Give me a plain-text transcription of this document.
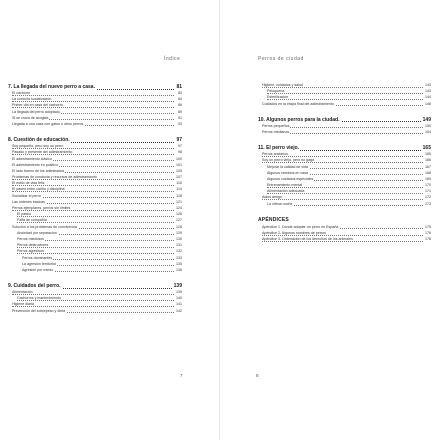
Índice
7. La llegada del nuevo perro a casa.	81
El cachorro	83
La correcta socialización	84
Primer día en casa del cachorro.	86
La llegada del perro adoptado	89
Si se cruza de acogida	91
Llegada a una casa con gatos u otros perros.	93
8. Cuestión de educación.	97
Soy pequeño, pero soy un perro	97
Pasado y presente del adiestramiento	98
El adiestramiento clásico	100
El adiestramiento en positivo	101
El lado bueno de los adiestrados	105
Problemas de conducta y recursos de adiestramiento	107
El estilo de vida feliz	110
El paseo entre cariño y disciplina	114
Socializar el perro	118
Las órdenes básicas	121
Perros ejemplares, perros sin límites	124
El paseo	126
Falta de compañía	127
Solución a los problemas de convivencia	128
Ansiedad por separación	129
Perros miedosos	130
Perros destructores	131
Perros agresivos	132
Perros dominantes	133
La agresión territorial	135
Agresión por miedo	136
9. Cuidados del perro.	139
Alimentación	139
Cachorros y mantenimiento	140
Higiene diaria	141
Prevención del sobrepeso y dieta	142
7
Perros de ciudad
Higiene, cuidados y salud	143
Peluquería	143
Esterilización	144
Cuidados en la etapa final del adiestramiento	146
10. Algunos perros para la ciudad.	149
Perros pequeños	150
Perros medianos	154
11. El perro viejo.	165
Perros ancianos	165
Soy un perro viejo, pero no gaga	166
Mejorar la calidad de vida	167
Algunos cambios en casa	168
Algunos cuidados especiales	169
Entrenamiento mental	170
Alimentación adecuada	171
Adiós amigo	172
La última noche	173
APÉNDICES
Apéndice 1. Dónde adoptar un perro en España	175
Apéndice 2. Algunos nombres de perros	176
Apéndice 3. Ordenación de los derechos de los animales	178
8
